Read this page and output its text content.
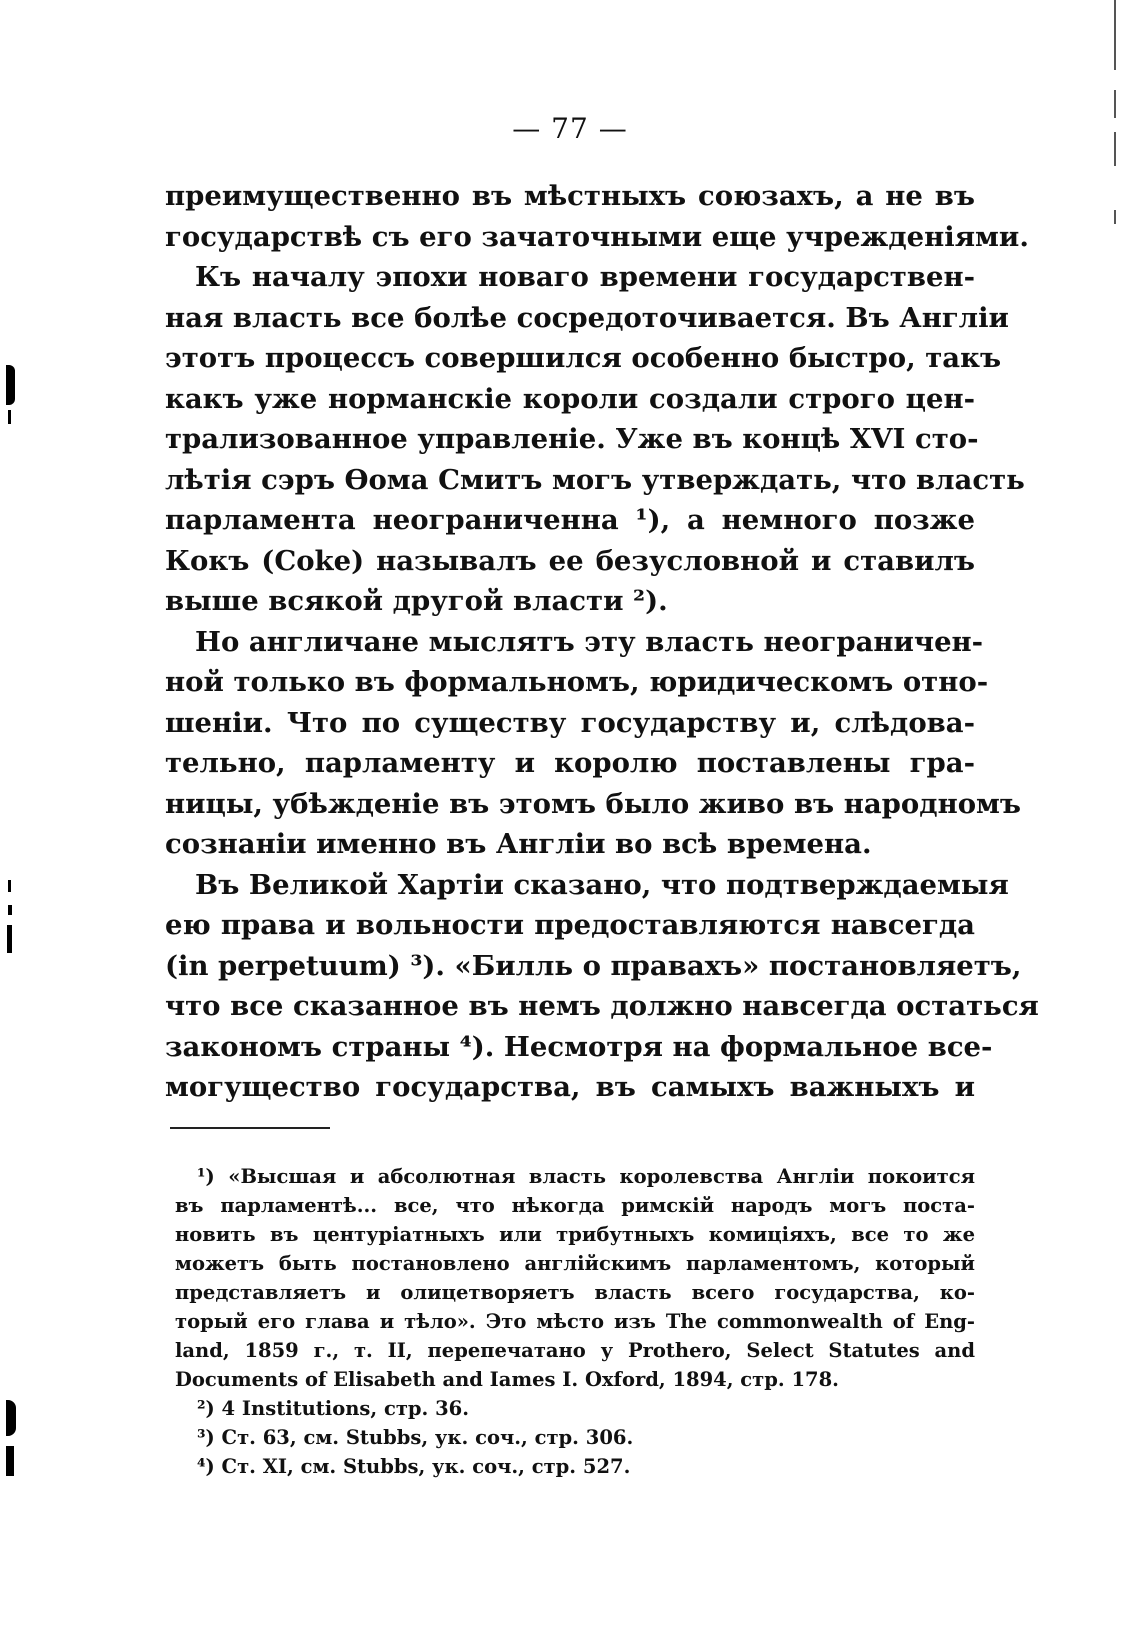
— 77 —
преимущественно въ мѣстныхъ союзахъ, а не въ
государствѣ съ его зачаточными еще учрежденіями.
Къ началу эпохи новаго времени государствен-
ная власть все болѣе сосредоточивается. Въ Англіи
этотъ процессъ совершился особенно быстро, такъ
какъ уже норманскіе короли создали строго цен-
трализованное управленіе. Уже въ концѣ XVI сто-
лѣтія сэръ Ѳома Смитъ могъ утверждать, что власть
парламента неограниченна ¹), а немного позже
Кокъ (Coke) называлъ ее безусловной и ставилъ
выше всякой другой власти ²).
Но англичане мыслятъ эту власть неограничен-
ной только въ формальномъ, юридическомъ отно-
шеніи. Что по существу государству и, слѣдова-
тельно, парламенту и королю поставлены гра-
ницы, убѣжденіе въ этомъ было живо въ народномъ
сознаніи именно въ Англіи во всѣ времена.
Въ Великой Хартіи сказано, что подтверждаемыя
ею права и вольности предоставляются навсегда
(in perpetuum) ³). «Билль о правахъ» постановляетъ,
что все сказанное въ немъ должно навсегда остаться
закономъ страны ⁴). Несмотря на формальное все-
могущество государства, въ самыхъ важныхъ и
¹) «Высшая и абсолютная власть королевства Англіи покоится
въ парламентѣ... все, что нѣкогда римскій народъ могъ поста-
новить въ центуріатныхъ или трибутныхъ комиціяхъ, все то же
можетъ быть постановлено англійскимъ парламентомъ, который
представляетъ и олицетворяетъ власть всего государства, ко-
торый его глава и тѣло». Это мѣсто изъ The commonwealth of Eng-
land, 1859 г., т. II, перепечатано у Prothero, Select Statutes and
Documents of Elisabeth and Iames I. Oxford, 1894, стр. 178.
²) 4 Institutions, стр. 36.
³) Ст. 63, см. Stubbs, ук. соч., стр. 306.
⁴) Ст. XI, см. Stubbs, ук. соч., стр. 527.
